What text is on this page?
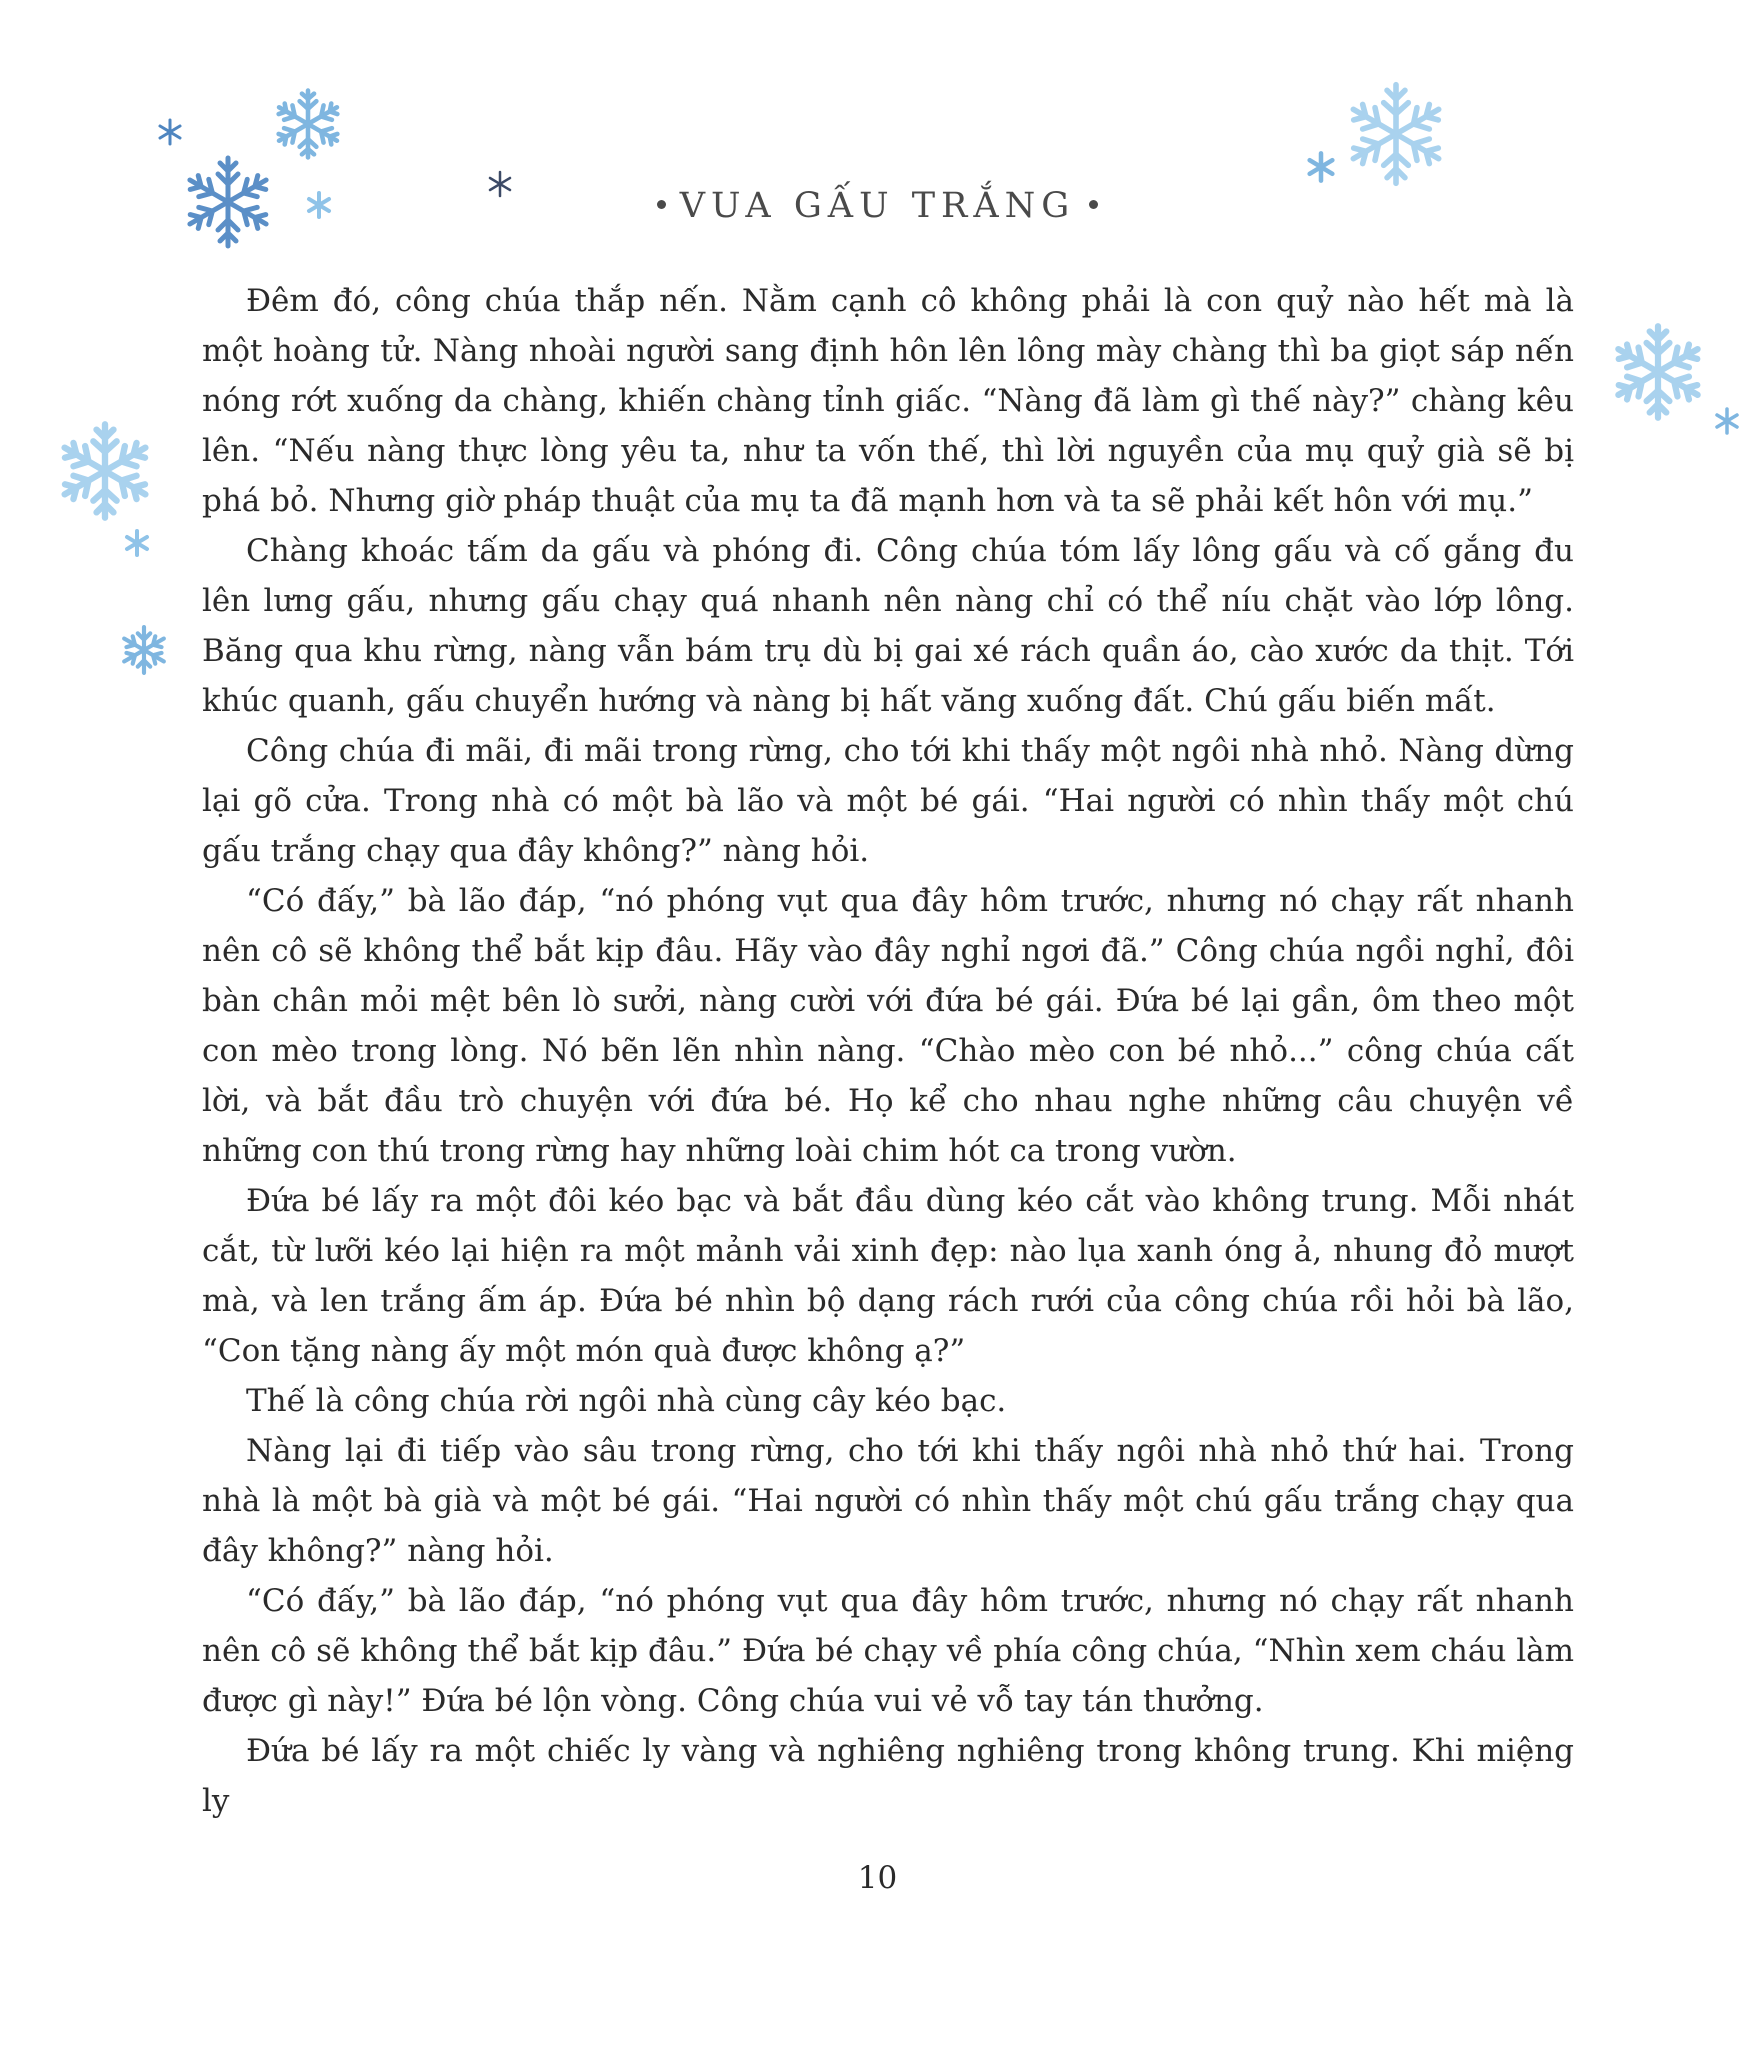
VUA GẤU TRẮNG

Đêm đó, công chúa thắp nến. Nằm cạnh cô không phải là con quỷ nào hết mà là một hoàng tử. Nàng nhoài người sang định hôn lên lông mày chàng thì ba giọt sáp nến nóng rớt xuống da chàng, khiến chàng tỉnh giấc. “Nàng đã làm gì thế này?” chàng kêu lên. “Nếu nàng thực lòng yêu ta, như ta vốn thế, thì lời nguyền của mụ quỷ già sẽ bị phá bỏ. Nhưng giờ pháp thuật của mụ ta đã mạnh hơn và ta sẽ phải kết hôn với mụ.”

Chàng khoác tấm da gấu và phóng đi. Công chúa tóm lấy lông gấu và cố gắng đu lên lưng gấu, nhưng gấu chạy quá nhanh nên nàng chỉ có thể níu chặt vào lớp lông. Băng qua khu rừng, nàng vẫn bám trụ dù bị gai xé rách quần áo, cào xước da thịt. Tới khúc quanh, gấu chuyển hướng và nàng bị hất văng xuống đất. Chú gấu biến mất.

Công chúa đi mãi, đi mãi trong rừng, cho tới khi thấy một ngôi nhà nhỏ. Nàng dừng lại gõ cửa. Trong nhà có một bà lão và một bé gái. “Hai người có nhìn thấy một chú gấu trắng chạy qua đây không?” nàng hỏi.

“Có đấy,” bà lão đáp, “nó phóng vụt qua đây hôm trước, nhưng nó chạy rất nhanh nên cô sẽ không thể bắt kịp đâu. Hãy vào đây nghỉ ngơi đã.” Công chúa ngồi nghỉ, đôi bàn chân mỏi mệt bên lò sưởi, nàng cười với đứa bé gái. Đứa bé lại gần, ôm theo một con mèo trong lòng. Nó bẽn lẽn nhìn nàng. “Chào mèo con bé nhỏ...” công chúa cất lời, và bắt đầu trò chuyện với đứa bé. Họ kể cho nhau nghe những câu chuyện về những con thú trong rừng hay những loài chim hót ca trong vườn.

Đứa bé lấy ra một đôi kéo bạc và bắt đầu dùng kéo cắt vào không trung. Mỗi nhát cắt, từ lưỡi kéo lại hiện ra một mảnh vải xinh đẹp: nào lụa xanh óng ả, nhung đỏ mượt mà, và len trắng ấm áp. Đứa bé nhìn bộ dạng rách rưới của công chúa rồi hỏi bà lão, “Con tặng nàng ấy một món quà được không ạ?”

Thế là công chúa rời ngôi nhà cùng cây kéo bạc.

Nàng lại đi tiếp vào sâu trong rừng, cho tới khi thấy ngôi nhà nhỏ thứ hai. Trong nhà là một bà già và một bé gái. “Hai người có nhìn thấy một chú gấu trắng chạy qua đây không?” nàng hỏi.

“Có đấy,” bà lão đáp, “nó phóng vụt qua đây hôm trước, nhưng nó chạy rất nhanh nên cô sẽ không thể bắt kịp đâu.” Đứa bé chạy về phía công chúa, “Nhìn xem cháu làm được gì này!” Đứa bé lộn vòng. Công chúa vui vẻ vỗ tay tán thưởng.

Đứa bé lấy ra một chiếc ly vàng và nghiêng nghiêng trong không trung. Khi miệng ly

10
